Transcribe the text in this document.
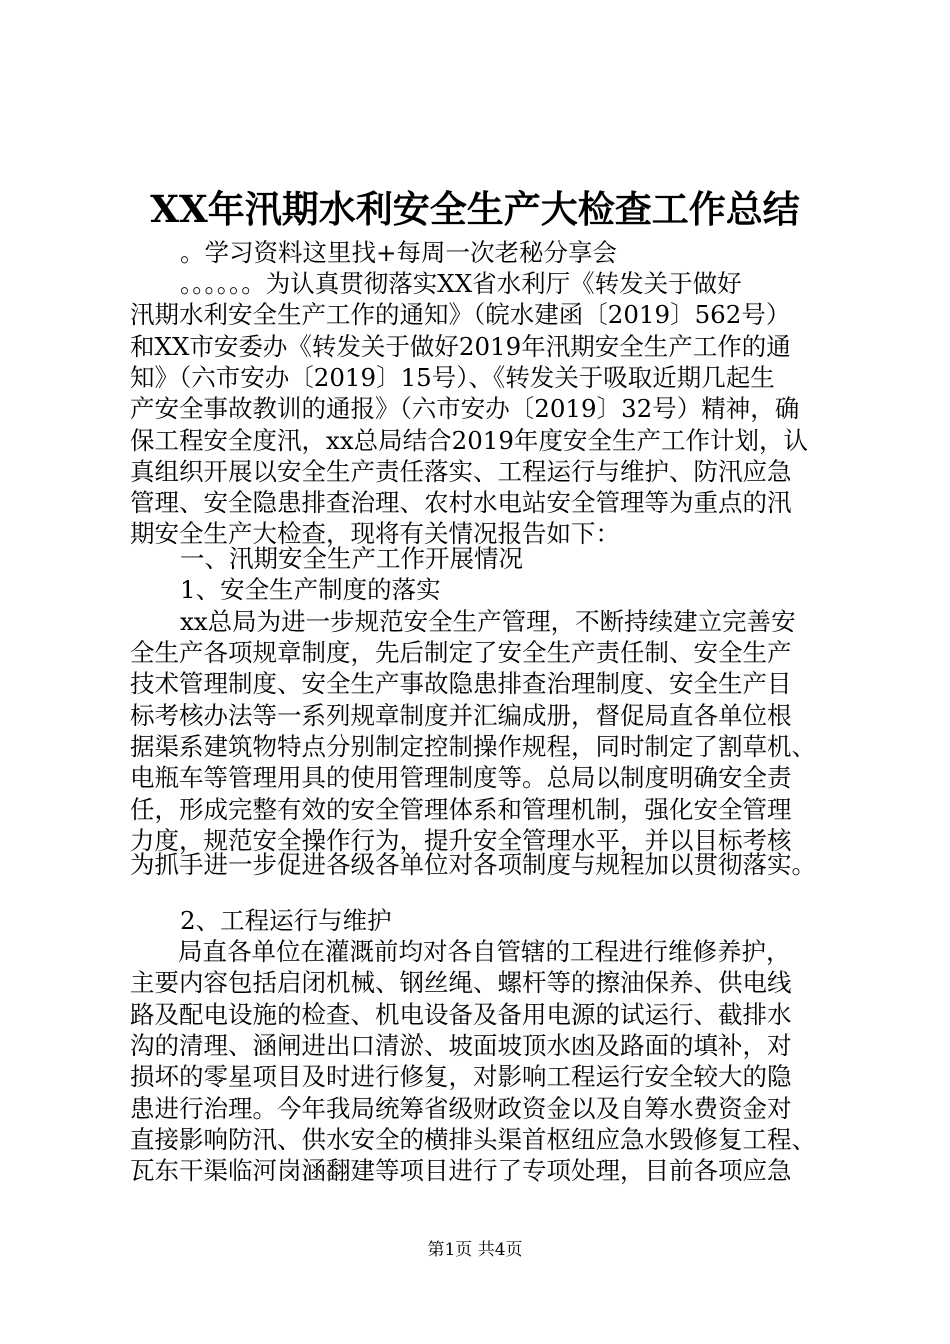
XX年汛期水利安全生产大检查工作总结
。学习资料这里找+每周一次老秘分享会
。。。。。。为认真贯彻落实XX省水利厅《转发关于做好
汛期水利安全生产工作的通知》（皖水建函〔2019〕562号）
和XX市安委办《转发关于做好2019年汛期安全生产工作的通
知》（六市安办〔2019〕15号）、《转发关于吸取近期几起生
产安全事故教训的通报》（六市安办〔2019〕32号）精神，确
保工程安全度汛，xx总局结合2019年度安全生产工作计划，认
真组织开展以安全生产责任落实、工程运行与维护、防汛应急
管理、安全隐患排查治理、农村水电站安全管理等为重点的汛
期安全生产大检查，现将有关情况报告如下：
一、汛期安全生产工作开展情况
1、安全生产制度的落实
xx总局为进一步规范安全生产管理，不断持续建立完善安
全生产各项规章制度，先后制定了安全生产责任制、安全生产
技术管理制度、安全生产事故隐患排查治理制度、安全生产目
标考核办法等一系列规章制度并汇编成册，督促局直各单位根
据渠系建筑物特点分别制定控制操作规程，同时制定了割草机、
电瓶车等管理用具的使用管理制度等。总局以制度明确安全责
任，形成完整有效的安全管理体系和管理机制，强化安全管理
力度，规范安全操作行为，提升安全管理水平，并以目标考核
为抓手进一步促进各级各单位对各项制度与规程加以贯彻落实。
2、工程运行与维护
局直各单位在灌溉前均对各自管辖的工程进行维修养护，
主要内容包括启闭机械、钢丝绳、螺杆等的擦油保养、供电线
路及配电设施的检查、机电设备及备用电源的试运行、截排水
沟的清理、涵闸进出口清淤、坡面坡顶水凼及路面的填补，对
损坏的零星项目及时进行修复，对影响工程运行安全较大的隐
患进行治理。今年我局统筹省级财政资金以及自筹水费资金对
直接影响防汛、供水安全的横排头渠首枢纽应急水毁修复工程、
瓦东干渠临河岗涵翻建等项目进行了专项处理，目前各项应急
第1页 共4页
